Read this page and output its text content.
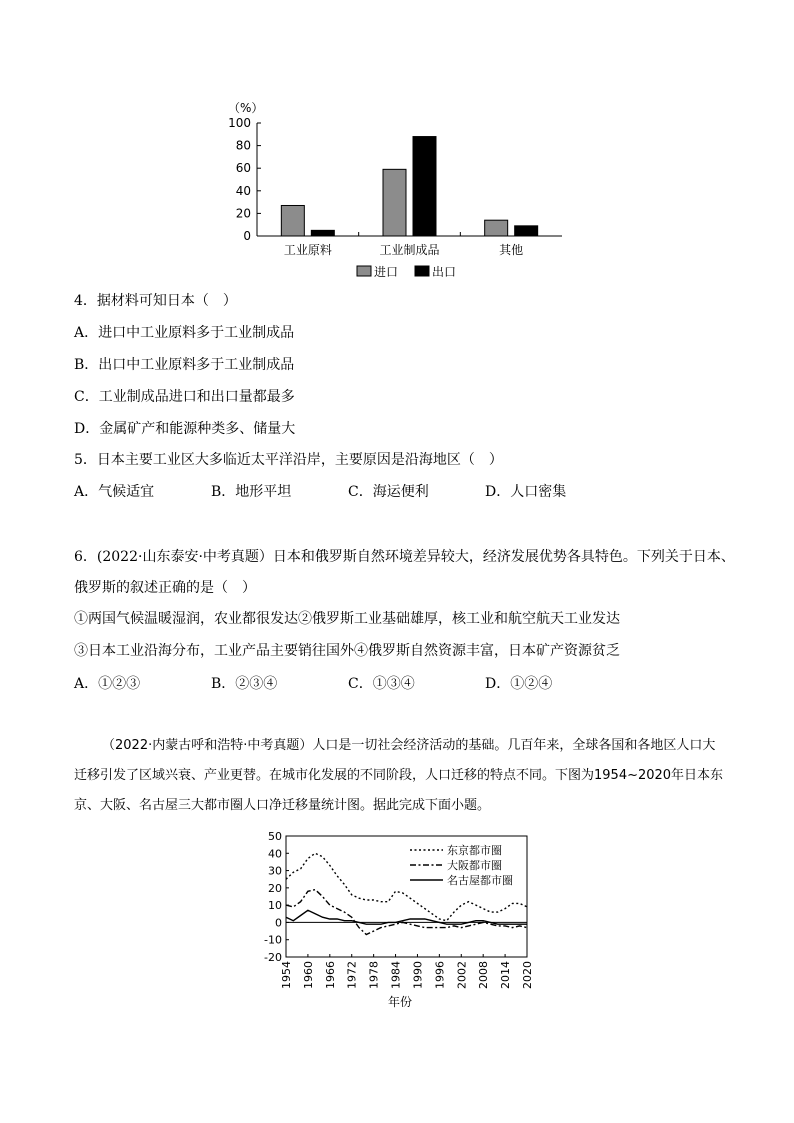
（%）
0
20
40
60
80
100
工业原料	工业制成品	其他
进口	出口
4．据材料可知日本（　）
A．进口中工业原料多于工业制成品
B．出口中工业原料多于工业制成品
C．工业制成品进口和出口量都最多
D．金属矿产和能源种类多、储量大
5．日本主要工业区大多临近太平洋沿岸，主要原因是沿海地区（　）
A．气候适宜	B．地形平坦	C．海运便利	D．人口密集
6．(2022·山东泰安·中考真题）日本和俄罗斯自然环境差异较大，经济发展优势各具特色。下列关于日本、
俄罗斯的叙述正确的是（　）
①两国气候温暖湿润，农业都很发达②俄罗斯工业基础雄厚，核工业和航空航天工业发达
③日本工业沿海分布，工业产品主要销往国外④俄罗斯自然资源丰富，日本矿产资源贫乏
A．①②③	B．②③④	C．①③④	D．①②④
（2022·内蒙古呼和浩特·中考真题）人口是一切社会经济活动的基础。几百年来，全球各国和各地区人口大迁移引发了区域兴衰、产业更替。在城市化发展的不同阶段，人口迁移的特点不同。下图为1954~2020年日本东京、大阪、名古屋三大都市圈人口净迁移量统计图。据此完成下面小题。
-20
-10
0
10
20
30
40
50
1954 1960 1966 1972 1978 1984 1990 1996 2002 2008 2014 2020
东京都市圈
大阪都市圈
名古屋都市圈
年份
